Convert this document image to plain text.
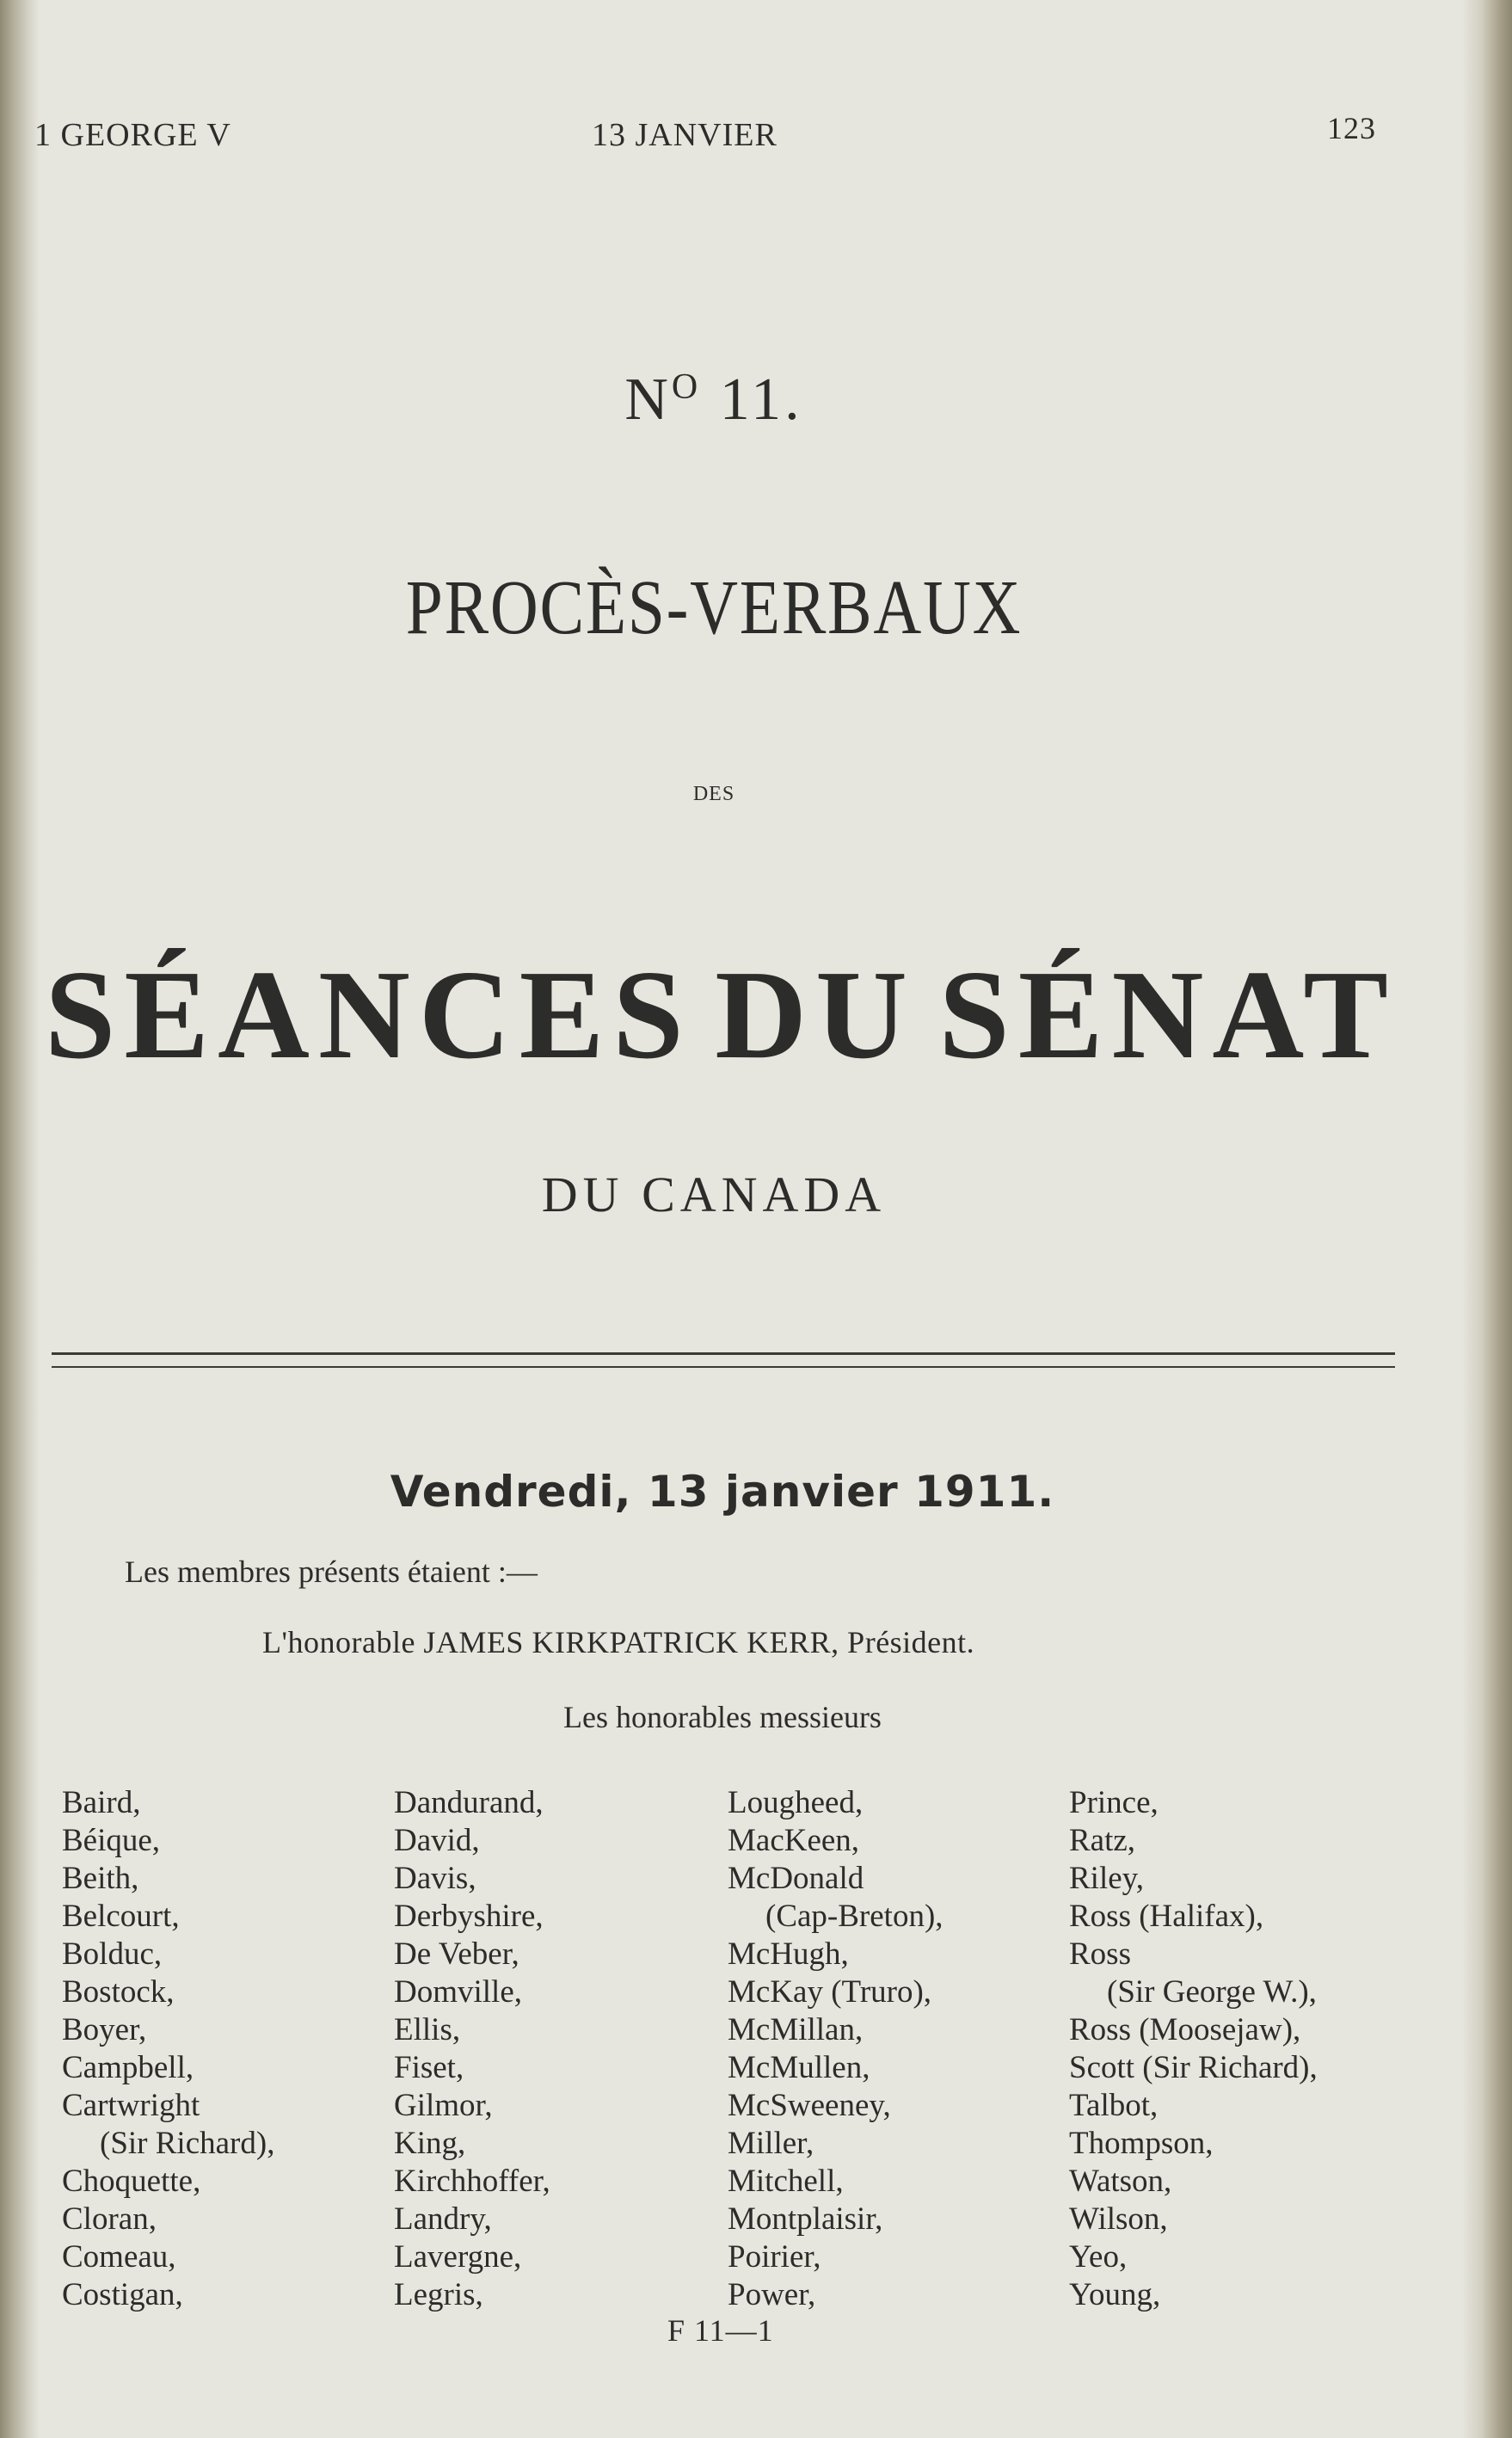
1 GEORGE V	13 JANVIER	123
$N^O$ 11.
PROCÈS-VERBAUX
DES
SÉANCES DU SÉNAT
DU CANADA
Vendredi, 13 janvier 1911.
Les membres présents étaient :—
L'honorable JAMES KIRKPATRICK KERR, Président.
Les honorables messieurs
Baird,
Béique,
Beith,
Belcourt,
Bolduc,
Bostock,
Boyer,
Campbell,
Cartwright
(Sir Richard),
Choquette,
Cloran,
Comeau,
Costigan,
Dandurand,
David,
Davis,
Derbyshire,
De Veber,
Domville,
Ellis,
Fiset,
Gilmor,
King,
Kirchhoffer,
Landry,
Lavergne,
Legris,
Lougheed,
MacKeen,
McDonald
(Cap-Breton),
McHugh,
McKay (Truro),
McMillan,
McMullen,
McSweeney,
Miller,
Mitchell,
Montplaisir,
Poirier,
Power,
Prince,
Ratz,
Riley,
Ross (Halifax),
Ross
(Sir George W.),
Ross (Moosejaw),
Scott (Sir Richard),
Talbot,
Thompson,
Watson,
Wilson,
Yeo,
Young,
F 11—1
